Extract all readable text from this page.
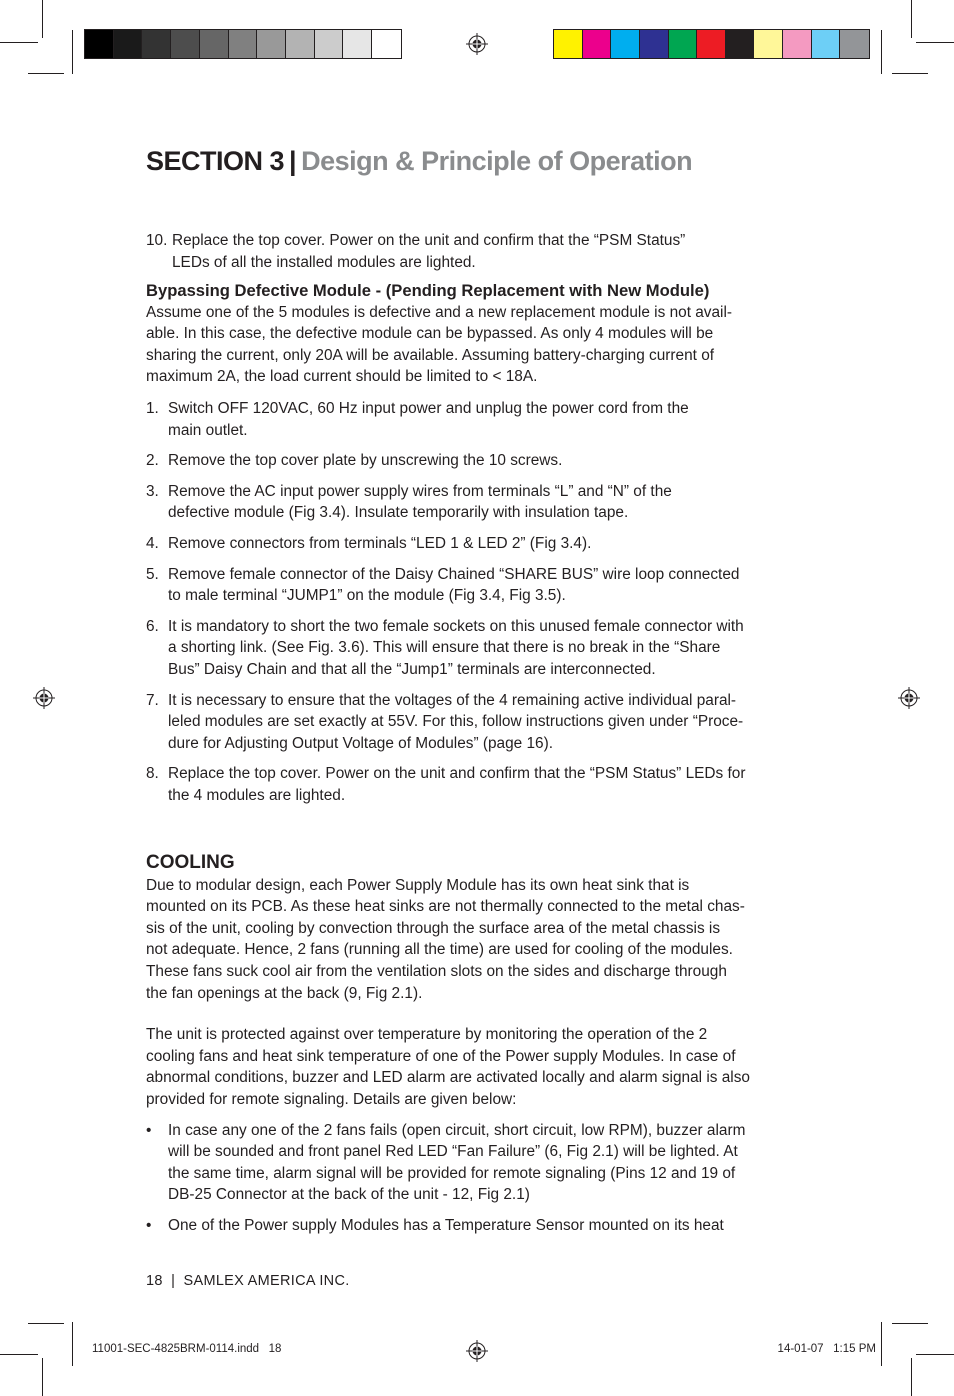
SECTION 3 | Design & Principle of Operation
10. Replace the top cover. Power on the unit and confirm that the “PSM Status”
LEDs of all the installed modules are lighted.

Bypassing Defective Module - (Pending Replacement with New Module)

Assume one of the 5 modules is defective and a new replacement module is not avail-
able. In this case, the defective module can be bypassed. As only 4 modules will be
sharing the current, only 20A will be available. Assuming battery-charging current of
maximum 2A, the load current should be limited to < 18A.
1. Switch OFF 120VAC, 60 Hz input power and unplug the power cord from the
main outlet.
2. Remove the top cover plate by unscrewing the 10 screws.
3. Remove the AC input power supply wires from terminals “L” and “N” of the
defective module (Fig 3.4). Insulate temporarily with insulation tape.
4. Remove connectors from terminals “LED 1 & LED 2” (Fig 3.4).
5. Remove female connector of the Daisy Chained “SHARE BUS” wire loop connected
to male terminal “JUMP1” on the module (Fig 3.4, Fig 3.5).
6. It is mandatory to short the two female sockets on this unused female connector with
a shorting link. (See Fig. 3.6). This will ensure that there is no break in the “Share
Bus” Daisy Chain and that all the “Jump1” terminals are interconnected.
7. It is necessary to ensure that the voltages of the 4 remaining active individual paral-
leled modules are set exactly at 55V. For this, follow instructions given under “Proce-
dure for Adjusting Output Voltage of Modules” (page 16).
8. Replace the top cover. Power on the unit and confirm that the “PSM Status” LEDs for
the 4 modules are lighted.

COOLING

Due to modular design, each Power Supply Module has its own heat sink that is
mounted on its PCB. As these heat sinks are not thermally connected to the metal chas-
sis of the unit, cooling by convection through the surface area of the metal chassis is
not adequate. Hence, 2 fans (running all the time) are used for cooling of the modules.
These fans suck cool air from the ventilation slots on the sides and discharge through
the fan openings at the back (9, Fig 2.1).
The unit is protected against over temperature by monitoring the operation of the 2
cooling fans and heat sink temperature of one of the Power supply Modules. In case of
abnormal conditions, buzzer and LED alarm are activated locally and alarm signal is also
provided for remote signaling. Details are given below:
• In case any one of the 2 fans fails (open circuit, short circuit, low RPM), buzzer alarm
will be sounded and front panel Red LED “Fan Failure” (6, Fig 2.1) will be lighted. At
the same time, alarm signal will be provided for remote signaling (Pins 12 and 19 of
DB-25 Connector at the back of the unit - 12, Fig 2.1)
• One of the Power supply Modules has a Temperature Sensor mounted on its heat
18 | SAMLEX AMERICA INC.
11001-SEC-4825BRM-0114.indd   18	14-01-07   1:15 PM
